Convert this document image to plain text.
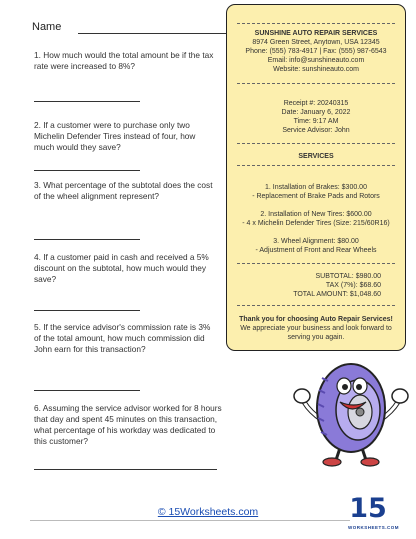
Name
1. How much would the total amount be if the tax rate were increased to 8%?
2. If a customer were to purchase only two Michelin Defender Tires instead of four, how much would they save?
3. What percentage of the subtotal does the cost of the wheel alignment represent?
4. If a customer paid in cash and received a 5% discount on the subtotal, how much would they save?
5. If the service advisor's commission rate is 3% of the total amount, how much commission did John earn for this transaction?
6. Assuming the service advisor worked for 8 hours that day and spent 45 minutes on this transaction, what percentage of his workday was dedicated to this customer?
SUNSHINE AUTO REPAIR SERVICES
8974 Green Street, Anytown, USA 12345
Phone: (555) 783-4917 | Fax: (555) 987-6543
Email: info@sunshineauto.com
Website: sunshineauto.com
Receipt #: 20240315
Date: January 6, 2022
Time: 9:17 AM
Service Advisor: John
SERVICES
1. Installation of Brakes: $300.00
- Replacement of Brake Pads and Rotors
2. Installation of New Tires: $600.00
- 4 x Michelin Defender Tires (Size: 215/60R16)
3. Wheel Alignment: $80.00
- Adjustment of Front and Rear Wheels
SUBTOTAL: $980.00
TAX (7%): $68.60
TOTAL AMOUNT: $1,048.60
Thank you for choosing Auto Repair Services!
We appreciate your business and look forward to serving you again.
© 15Worksheets.com	15
WORKSHEETS.COM
